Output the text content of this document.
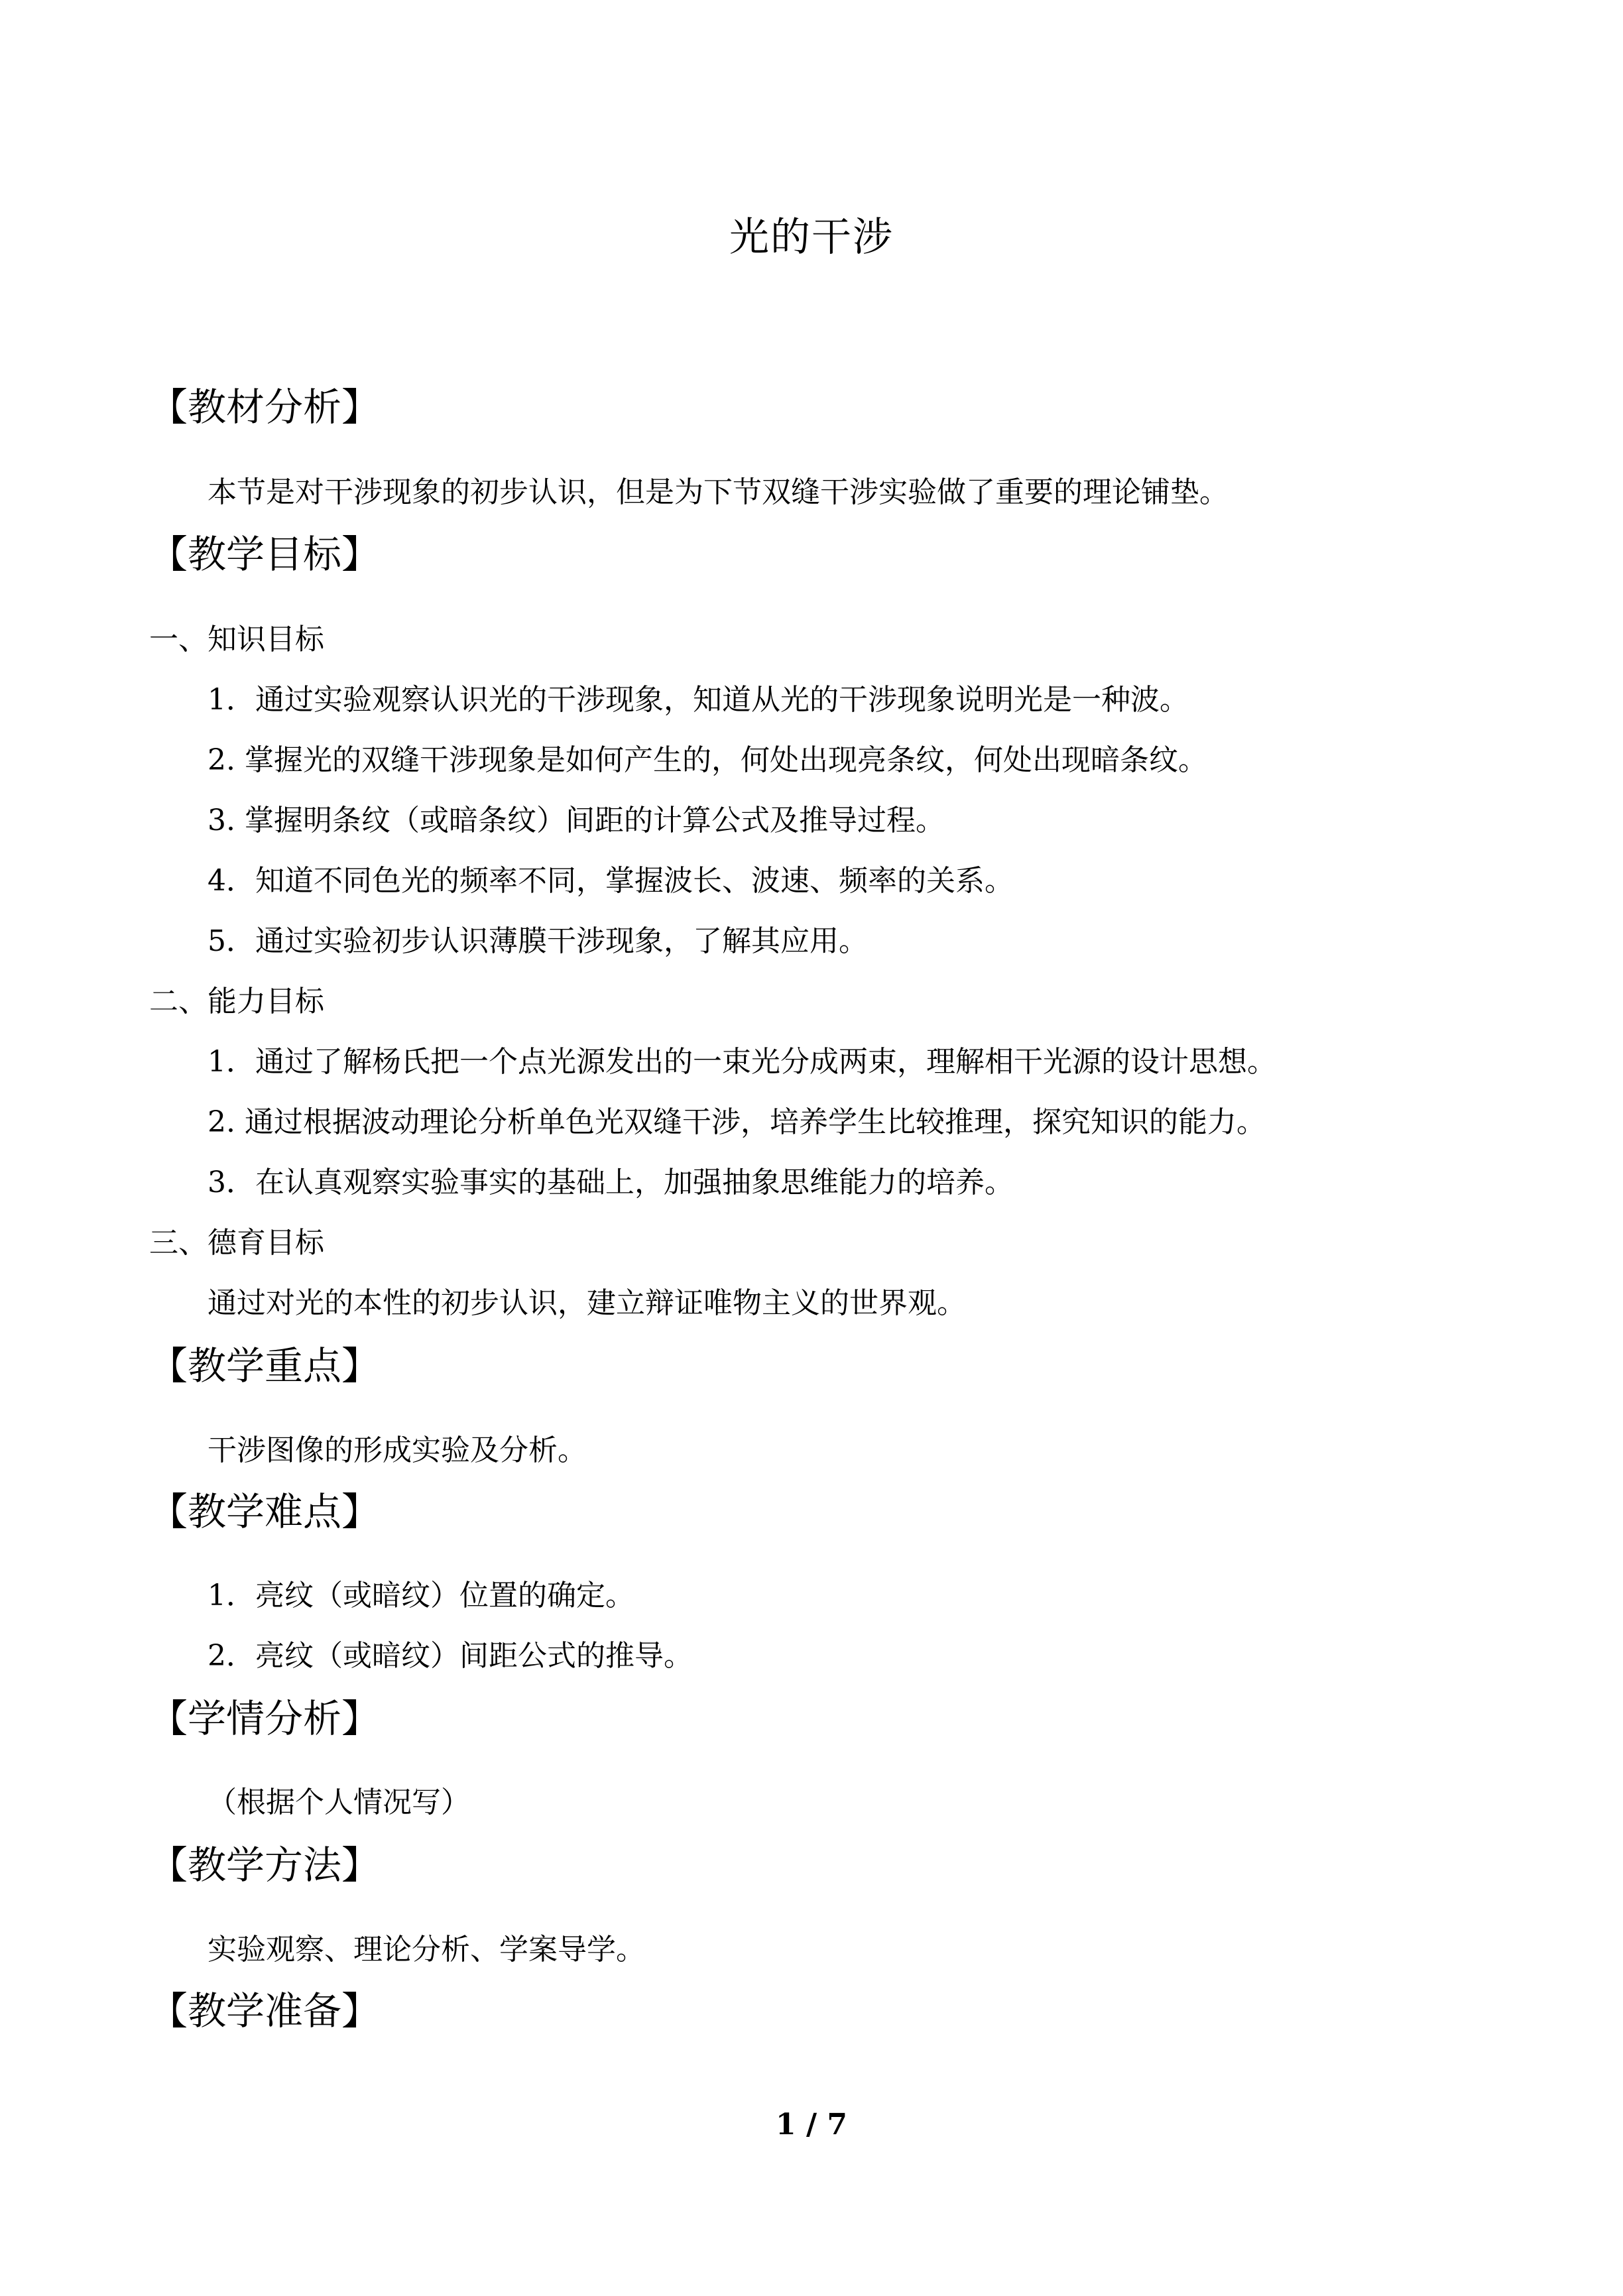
光的干涉
【教材分析】
本节是对干涉现象的初步认识，但是为下节双缝干涉实验做了重要的理论铺垫。
【教学目标】
一、知识目标
1．通过实验观察认识光的干涉现象，知道从光的干涉现象说明光是一种波。
2. 掌握光的双缝干涉现象是如何产生的，何处出现亮条纹，何处出现暗条纹。
3. 掌握明条纹（或暗条纹）间距的计算公式及推导过程。
4．知道不同色光的频率不同，掌握波长、波速、频率的关系。
5．通过实验初步认识薄膜干涉现象，了解其应用。
二、能力目标
1．通过了解杨氏把一个点光源发出的一束光分成两束，理解相干光源的设计思想。
2. 通过根据波动理论分析单色光双缝干涉，培养学生比较推理，探究知识的能力。
3．在认真观察实验事实的基础上，加强抽象思维能力的培养。
三、德育目标
通过对光的本性的初步认识，建立辩证唯物主义的世界观。
【教学重点】
干涉图像的形成实验及分析。
【教学难点】
1．亮纹（或暗纹）位置的确定。
2．亮纹（或暗纹）间距公式的推导。
【学情分析】
（根据个人情况写）
【教学方法】
实验观察、理论分析、学案导学。
【教学准备】
1 / 7
